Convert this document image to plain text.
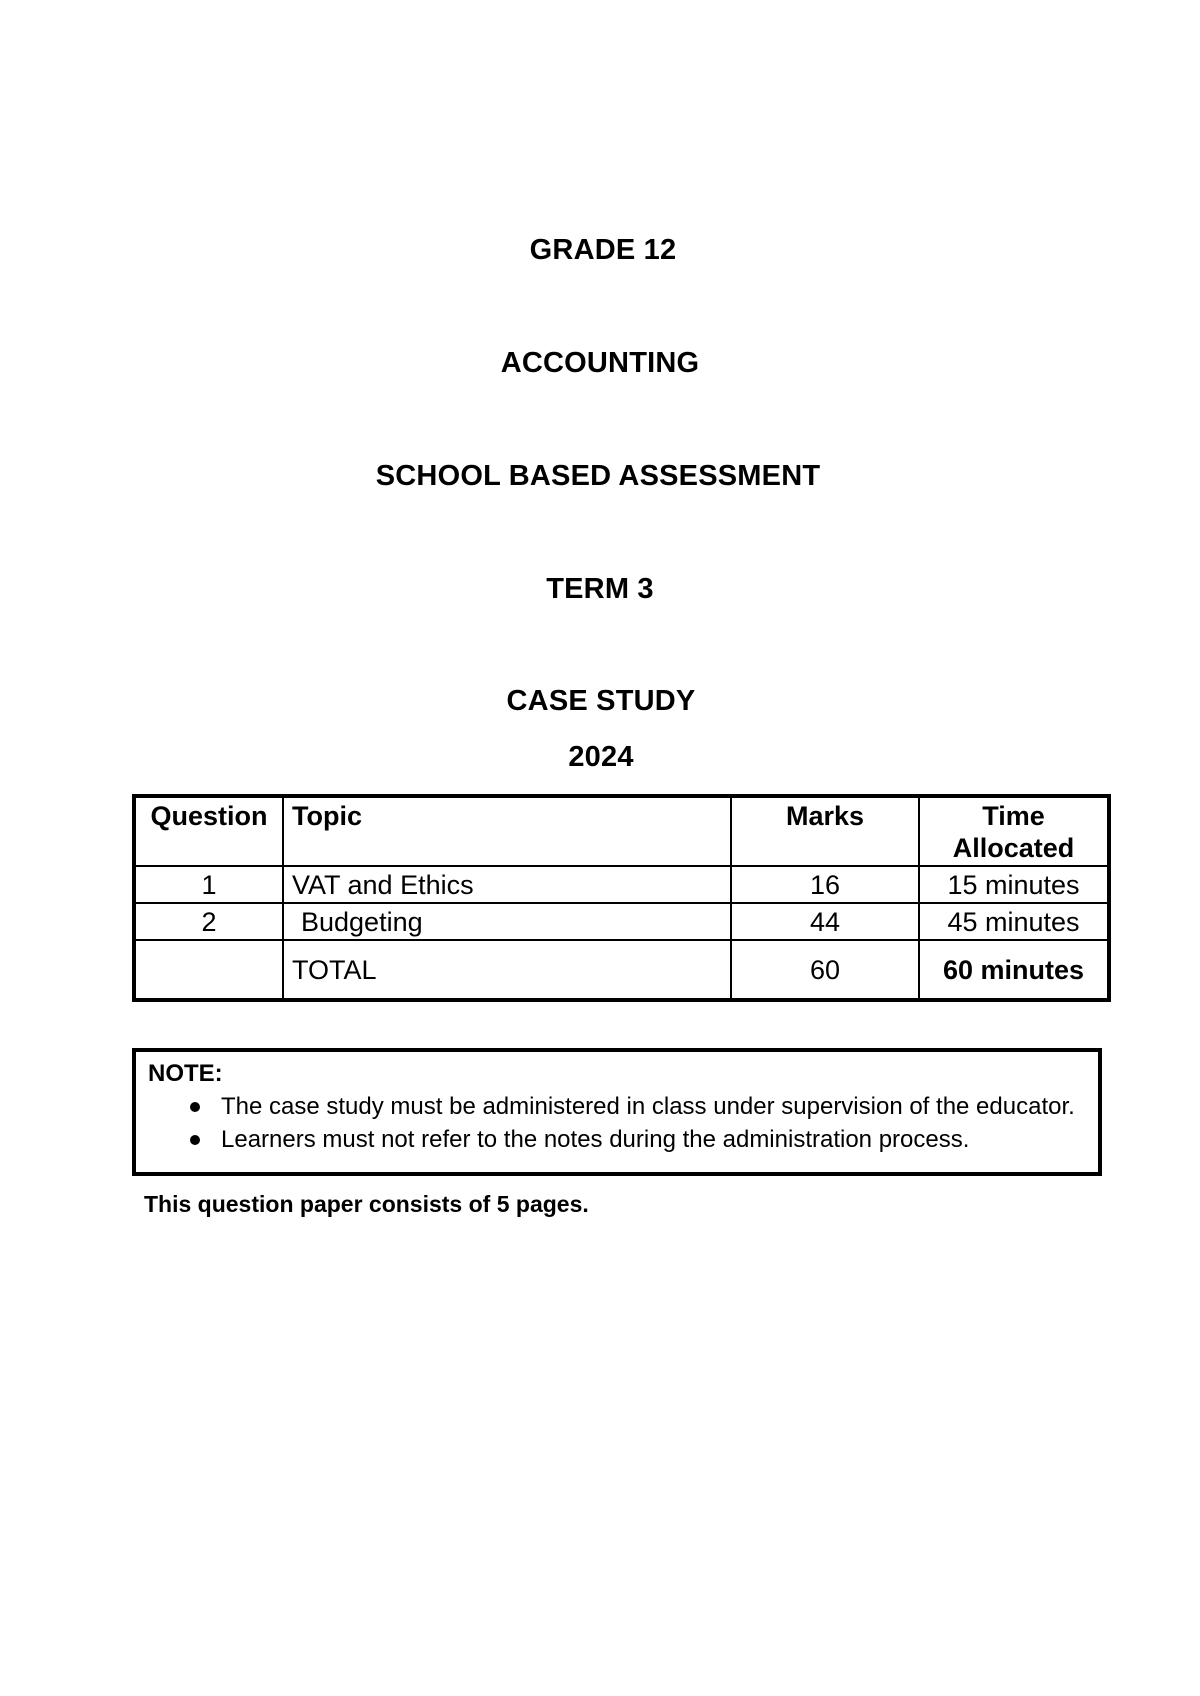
GRADE 12
ACCOUNTING
SCHOOL BASED ASSESSMENT
TERM 3
CASE STUDY
2024
Question	Topic	Marks	Time
Allocated
1	VAT and Ethics	16	15 minutes
2	Budgeting	44	45 minutes
	TOTAL	60	60 minutes
NOTE:
The case study must be administered in class under supervision of the educator.
Learners must not refer to the notes during the administration process.
This question paper consists of 5 pages.
